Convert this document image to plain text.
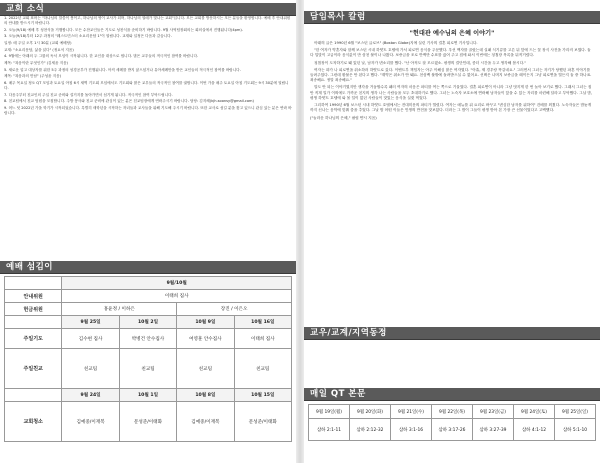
교회 소식

1. 2022년 교회 표어는 "하나님의 말씀이 쌓이고, 하나님의 영이 교사가 되며, 하나님의 열매가 빛나는 교회"입니다. 모든 교회를 방문하시는 모든 분들을 환영합니다. 예배 후 안내위원의 안내를 받으시기 바랍니다.

2. 오늘(9/18) 예배 후 성찬식을 거행합니다. 모든 수찬교인들은 기도로 성찬식을 준비하기 바랍니다. 9월 사역팀장회의는 회의실에서 진행됩니다(4pm).

3. 오늘(9/18)부터 12주 과정의 "웨스트민스터 소요리문답 1"이 열립니다. 교재와 일정은 다음과 같습니다.

일정: 매 주일 오후 1시 30분 (교회 예배당)

교재: "소요리문답, 삶을 읽다" (정요석 지음)

4. 9월에는 아래의 두 그룹의 독서 모임이 시작됩니다. 한 교인을 대상으로 엽니다. 많은 교우들의 적극적인 참여를 바랍니다.

제목: "복음이란 무엇인가" (김세윤 지음)

5. 새로운 업고 대상자를 위한 5주 과정의 성경공부가 진행됩니다. 아직 세례를 받지 않으셨거나 유아세례만을 받은 교인들의 적극적인 참여를 바랍니다.

제목: "복음과의 만남" (주성윤 지음)

6. 매주 목요일 정오 QT 모임과 토요일 아침 6시 새벽 기도회 모임에서도 기도회와 많은 교우들의 적극적인 참여를 권합니다. 이번 가을 매주 토요일 아침 기도회는 9시 30분에 열립니다.

7. 다음주부터 친교인의 주일 친교 준비와 설거지를 돌아가면서 섬기게 됩니다. 적극적인 참여 부탁드립니다.

8. 친교팀에서 친교 팀원을 모집합니다. 주방 봉사와 친교 준비에 관심이 있는 분은 친교팀장에게 연락주시기 바랍니다. 담당: 김지혜(kjh.soonsy@gmail.com)

9. 어느 덧 2022년 가을 학기가 시작되었습니다. 특별히 새학년을 시작하는 자녀들과 교사들을 위해 기도해 주시기 바랍니다. 또한 교사로 섬길 분을 찾고 있으니 관심 있는 분은 연락 바랍니다.

예배 섬김이
	9월/10월			
안내위원	이태희 집사			
헌금위원	홍윤정 / 이하은		장진 / 이은오	
	9월 25일	10월 2일	10월 9일	10월 16일
주일기도	김수현 집사	박병건 안수집사	여영훈 안수집사	이태희 집사
주일친교	친교팀	친교팀	친교팀	친교팀
	9월 24일	10월 1일	10월 8일	10월 15일
교회청소	김예중/이재복	문성준/이태화	김예중/이재복	문성준/이태화
담임목사 칼럼
"헌대관 예수님의 은혜 이야기"

아래의 글은 1990년 6월 "보스턴 글로브" (Boston Globe)지에 실린 기사의 결혼 피로연 기사입니다.

"한 여자가 약혼자와 함께 보스턴 시내 하얏트 호텔에 가서 피로연 음식을 주문했다. 우선 맥자를 골랐는데 실패 식기류를 고른 뒤 앞에 드는 꽃 장식 사진을 가리켜 보였다. 둘 다 입맛이 고급이라 음식값이 만 삼천 불이나 나왔다. 보증금을 조로 반액만 수표를 끊어 주고 집에 와서 이번에는 청첩장 목록을 뒤적거렸다.

청첩장이 도착하기로 돼 있던 날, 남자가 변소리를 했다. "난 아직도 잘 모르겠소. 평생의 결단인데, 좀더 시간을 두고 생각해 봅시다."

여자는 화가 나 피로연을 취소하러 하얏트로 갔다. 이벤트부 책임자는 아주 이해심 많은 여자였다. "아휴, 제 경우랑 똑같네요." 그러면서 그녀는 자기가 당했던 파혼 이야기를 들려주었다. 그런데 환불은 안 된다고 했다. "계약은 취소가 안 돼요. 천삼백 불밖에 돌려받으실 수 없어요. 선택은 나머지 보증금을 떼이든지 그냥 피로연을 열든지 둘 중 하나죠. 죄송해요. 정말 죄송해요."

말도 안 되는 이야기였지만 생각을 거듭할수록 패러 여자의 마음은 파티를 여는 쪽으로 기울었다. 결혼 피로연이 아니라 그냥 멋지게 한 번 놀아 보기로 했다. 그래서 그녀는 집안 직계 일가 이외에도 가까운 친지의 생각 나는 사람들을 모두 초대하기로 했다. 그녀는 노숙자 보호소에 연락해 남자들이 앉을 수 있는 자리를 마련해 달라고 부탁했다. 그날 밤, 평생 하얏트 호텔에 와 볼 일이 없던 사람들이 맛있는 음식을 실컷 먹었다.

그리하여 1990년 6월 보스턴 시내 하얏트 호텔에서는 전대미문의 파티가 열렸다. 여자는 메뉴를 위 요리로 바꾸고 "변심한 남자를 위하여" 건배를 외쳤다. 노숙자들은 밤늦게까지 신나는 음악에 맞춰 춤을 추었다. 그날 밤 어떤 이들은 인생의 반전을 맛보았다. 더러는 그 밤이 그들이 평생 받아 본 가장 큰 선물이었다고 고백했다.

("놀라운 하나님의 은혜," 필립 얀시 지음)

교우/교계/지역동정
매일 QT 본문
9월 19일(월)	9월 20일(화)	9월 21일(수)	9월 22일(목)	9월 23일(금)	9월 24일(토)	9월 25일(일)
삼하 2:1-11	삼하 2:12-32	삼하 3:1-16	삼하 3:17-26	삼하 3:27-39	삼하 4:1-12	삼하 5:1-10
